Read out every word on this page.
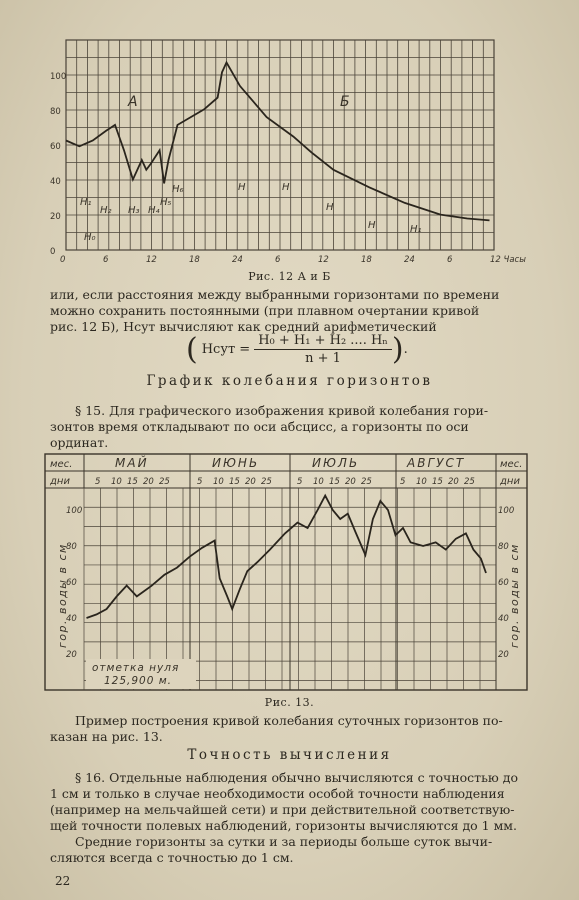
0
20
40
60
80
100
0	6	12	18	24	6	12	18	24	6	12 Часы
А	Б
Н₁
Н₂ Н₃ Н₄
Н₅
Н₆
Н₀
Н	Н
Н
Н	Н₁
Рис. 12 А и Б
или, если расстояния между выбранными горизонтами по времени
можно сохранить постоянными (при плавном очертании кривой
рис. 12 Б), Нсут вычисляют как средний арифметический
( Нсут = $\frac{\text{Н₀ + Н₁ + Н₂ .... Нₙ}}{n + 1}$ ) .
График колебания горизонтов
§ 15. Для графического изображения кривой колебания гори-
зонтов время откладывают по оси абсцисс, а горизонты по оси
ординат.
мес.
дни
мес.
дни
МАЙ	ИЮНЬ	ИЮЛЬ	АВГУСТ
5 10 15 20 25	5 10 15 20 25	5 10 15 20 25	5 10 15 20 25
100
80
60
40
20
100
80
60
40
20
гор. воды в см	гор. воды в см
отметка нуля
125,900 м.
Рис. 13.
Пример построения кривой колебания суточных горизонтов по-
казан на рис. 13.
Точность вычисления
§ 16. Отдельные наблюдения обычно вычисляются с точностью до
1 см и только в случае необходимости особой точности наблюдения
(например на мельчайшей сети) и при действительной соответствую-
щей точности полевых наблюдений, горизонты вычисляются до 1 мм.
Средние горизонты за сутки и за периоды больше суток вычи-
сляются всегда с точностью до 1 см.
22
